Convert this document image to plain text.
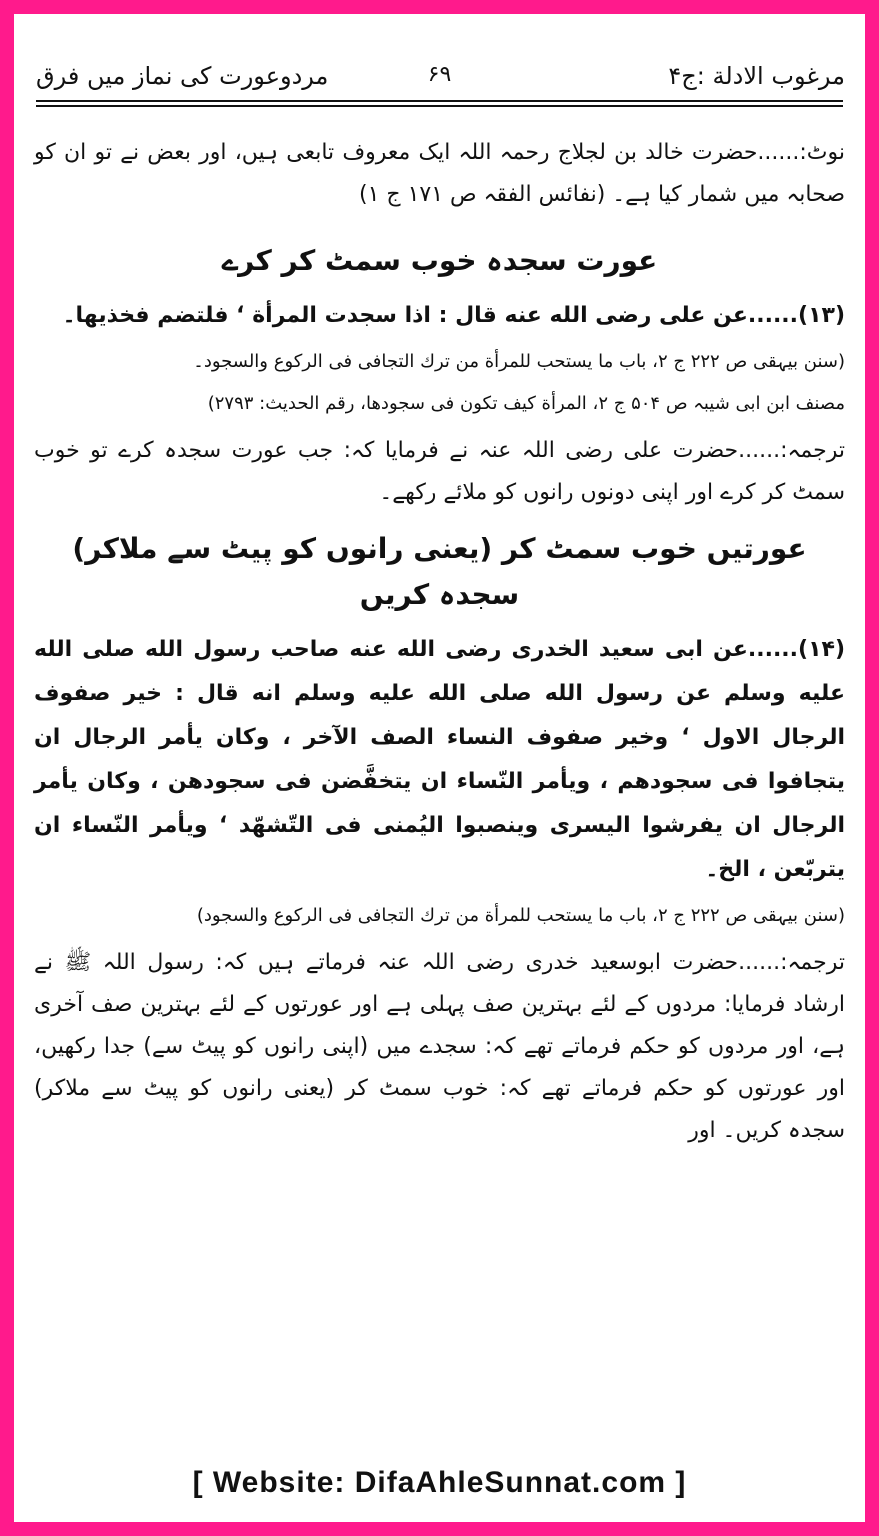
مرغوب الادلة :ج۴
۶۹
مردوعورت کی نماز میں فرق

نوٹ:......حضرت خالد بن لجلاج رحمہ اللہ ایک معروف تابعی ہیں، اور بعض نے تو ان کو صحابہ میں شمار کیا ہے۔ (نفائس الفقہ ص ۱۷۱ ج ۱)

عورت سجدہ خوب سمٹ کر کرے

(۱۳)......عن علی رضی الله عنه قال : اذا سجدت المرأة ‘ فلتضم فخذيها۔

(سنن بیہقی ص ۲۲۲ ج ۲، باب ما يستحب للمرأة من ترك التجافى فى الركوع والسجود۔

مصنف ابن ابی شیبہ ص ۵۰۴ ج ۲، المرأة كيف تكون فى سجودها، رقم الحديث: ۲۷۹۳)

ترجمہ:......حضرت علی رضی اللہ عنہ نے فرمایا کہ: جب عورت سجدہ کرے تو خوب سمٹ کر کرے اور اپنی دونوں رانوں کو ملائے رکھے۔

عورتیں خوب سمٹ کر (یعنی رانوں کو پیٹ سے ملاکر) سجدہ کریں

(۱۴)......عن ابى سعيد الخدرى رضى الله عنه صاحب رسول الله صلى الله عليه وسلم عن رسول الله صلى الله عليه وسلم انه قال : خير صفوف الرجال الاول ‘ وخير صفوف النساء الصف الآخر ، وكان يأمر الرجال ان يتجافوا فى سجودهم ، ويأمر النّساء ان يتخفَّضن فى سجودهن ، وكان يأمر الرجال ان يفرشوا اليسرى وينصبوا اليُمنى فى التّشهّد ‘ ويأمر النّساء ان يتربّعن ، الخ۔

(سنن بیہقی ص ۲۲۲ ج ۲، باب ما يستحب للمرأة من ترك التجافى فى الركوع والسجود)

ترجمہ:......حضرت ابوسعید خدری رضی اللہ عنہ فرماتے ہیں کہ: رسول اللہ ﷺ نے ارشاد فرمایا: مردوں کے لئے بہترین صف پہلی ہے اور عورتوں کے لئے بہترین صف آخری ہے، اور مردوں کو حکم فرماتے تھے کہ: سجدے میں (اپنی رانوں کو پیٹ سے) جدا رکھیں، اور عورتوں کو حکم فرماتے تھے کہ: خوب سمٹ کر (یعنی رانوں کو پیٹ سے ملاکر) سجدہ کریں۔ اور

[ Website: DifaAhleSunnat.com ]
